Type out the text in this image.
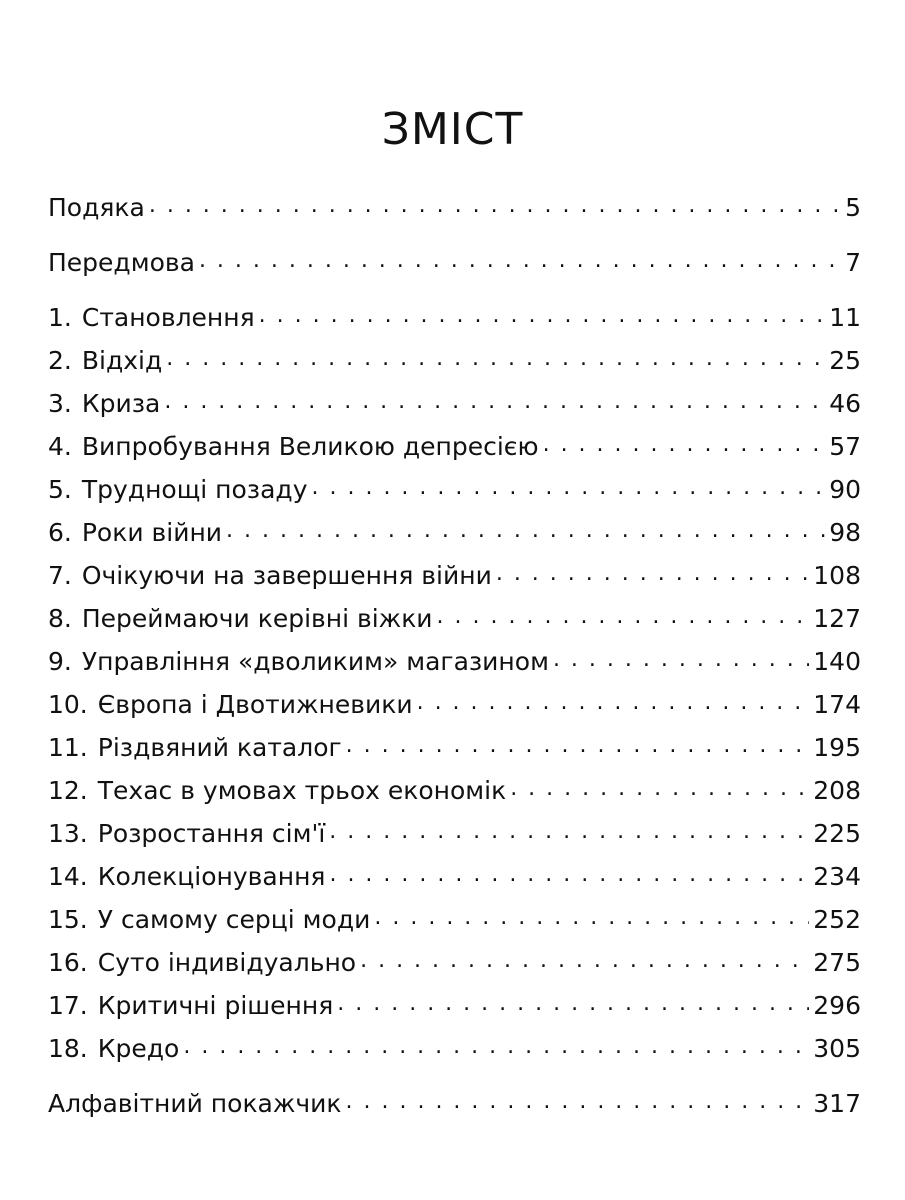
ЗМІСТ
Подяка . . .	5
Передмова . . .	7
1. Становлення . . .	11
2. Відхід . . .	25
3. Криза . . .	46
4. Випробування Великою депресією . . .	57
5. Труднощі позаду . . .	90
6. Роки війни . . .	98
7. Очікуючи на завершення війни . . .	108
8. Переймаючи керівні віжки . . .	127
9. Управління «дволиким» магазином . . .	140
10. Європа і Двотижневики . . .	174
11. Різдвяний каталог . . .	195
12. Техас в умовах трьох економік . . .	208
13. Розростання сім'ї . . .	225
14. Колекціонування . . .	234
15. У самому серці моди . . .	252
16. Суто індивідуально . . .	275
17. Критичні рішення . . .	296
18. Кредо . . .	305
Алфавітний покажчик . . .	317
